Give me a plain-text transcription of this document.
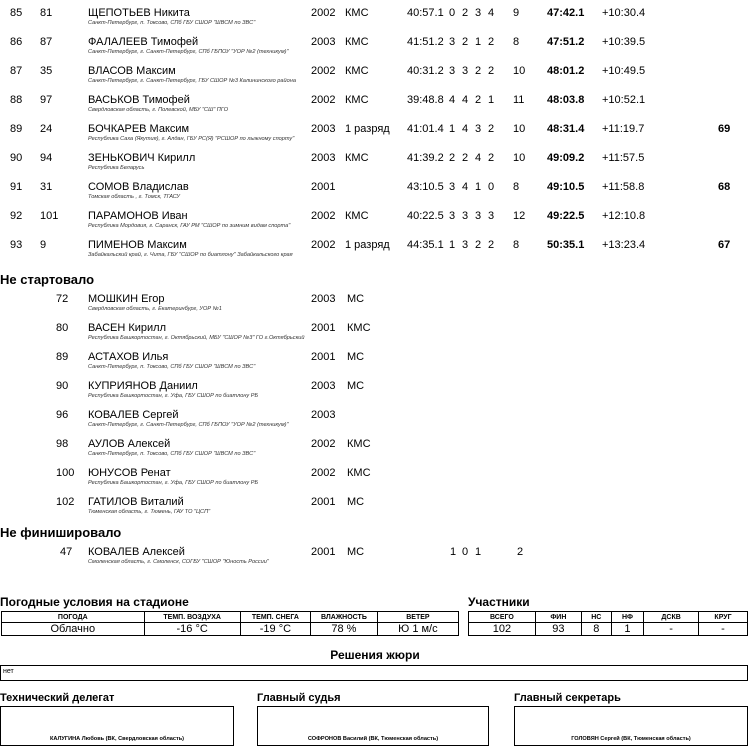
85 81	ЩЕПОТЬЕВ Никита	2002 КМС	40:57.1 0 2 3 4 9	47:42.1 +10:30.4
Санкт-Петербург, п. Токсово, СПб ГБУ СШОР "ШВСМ по ЗВС"
86 87	ФАЛАЛЕЕВ Тимофей	2003 КМС	41:51.2 3 2 1 2 8	47:51.2 +10:39.5
Санкт-Петербург, г. Санкт-Петербург, СПб ГБПОУ "УОР №2 (техникум)"
87 35	ВЛАСОВ Максим	2002 КМС	40:31.2 3 3 2 2 10 48:01.2 +10:49.5
Санкт-Петербург, г. Санкт-Петербург, ГБУ СШОР №3 Калининского района
88 97	ВАСЬКОВ Тимофей	2002 КМС	39:48.8 4 4 2 1 11 48:03.8 +10:52.1
Свердловская область, г. Полевской, МБУ "СШ" ПГО
89 24	БОЧКАРЕВ Максим	2003 1 разряд 41:01.4 1 4 3 2 10 48:31.4 +11:19.7	69
Республика Саха (Якутия), г. Алдан, ГБУ РС(Я) "РСШОР по лыжному спорту"
90 94	ЗЕНЬКОВИЧ Кирилл	2003 КМС	41:39.2 2 2 4 2 10 49:09.2 +11:57.5
Республика Беларусь
91 31	СОМОВ Владислав	2001	43:10.5 3 4 1 0 8	49:10.5 +11:58.8	68
Томская область , г. Томск, ТГАСУ
92 101	ПАРАМОНОВ Иван	2002 КМС	40:22.5 3 3 3 3 12 49:22.5 +12:10.8
Республика Мордовия, г. Саранск, ГАУ РМ "СШОР по зимним видам спорта"
93 9	ПИМЕНОВ Максим	2002 1 разряд 44:35.1 1 3 2 2 8	50:35.1 +13:23.4	67
Забайкальский край, г. Чита, ГБУ "СШОР по биатлону" Забайкальского края
Не стартовало
72 МОШКИН Егор	2003 МС
Свердловская область, г. Екатеринбург, УОР №1
80 ВАСЕН Кирилл	2001 КМС
Республика Башкортостан, г. Октябрьский, МБУ "СШОР №3" ГО г.Октябрьский
89 АСТАХОВ Илья	2001 МС
Санкт-Петербург, п. Токсово, СПб ГБУ СШОР "ШВСМ по ЗВС"
90 КУПРИЯНОВ Даниил	2003 МС
Республика Башкортостан, г. Уфа, ГБУ СШОР по биатлону РБ
96 КОВАЛЕВ Сергей	2003
Санкт-Петербург, г. Санкт-Петербург, СПб ГБПОУ "УОР №2 (техникум)"
98 АУЛОВ Алексей	2002 КМС
Санкт-Петербург, п. Токсово, СПб ГБУ СШОР "ШВСМ по ЗВС"
100 ЮНУСОВ Ренат	2002 КМС
Республика Башкортостан, г. Уфа, ГБУ СШОР по биатлону РБ
102 ГАТИЛОВ Виталий	2001 МС
Тюменская область, г. Тюмень, ГАУ ТО "ЦСП"
Не финишировало
47 КОВАЛЕВ Алексей	2001 МС	1 0 1	2
Смоленская область, г. Смоленск, СОГБУ "СШОР "Юность России"
Погодные условия на стадионе
ПОГОДА	ТЕМП. ВОЗДУХА	ТЕМП. СНЕГА	ВЛАЖНОСТЬ	ВЕТЕР
Облачно	-16 °C	-19 °C	78 %	Ю 1 м/с
Участники
ВСЕГО	ФИН	НС	НФ	ДСКВ	КРУГ
102	93	8	1	-	-
Решения жюри
нет
Технический делегат
КАЛУГИНА Любовь (ВК, Свердловская область)
Главный судья
СОФРОНОВ Василий (ВК, Тюменская область)
Главный секретарь
ГОЛОВЯН Сергей (ВК, Тюменская область)
